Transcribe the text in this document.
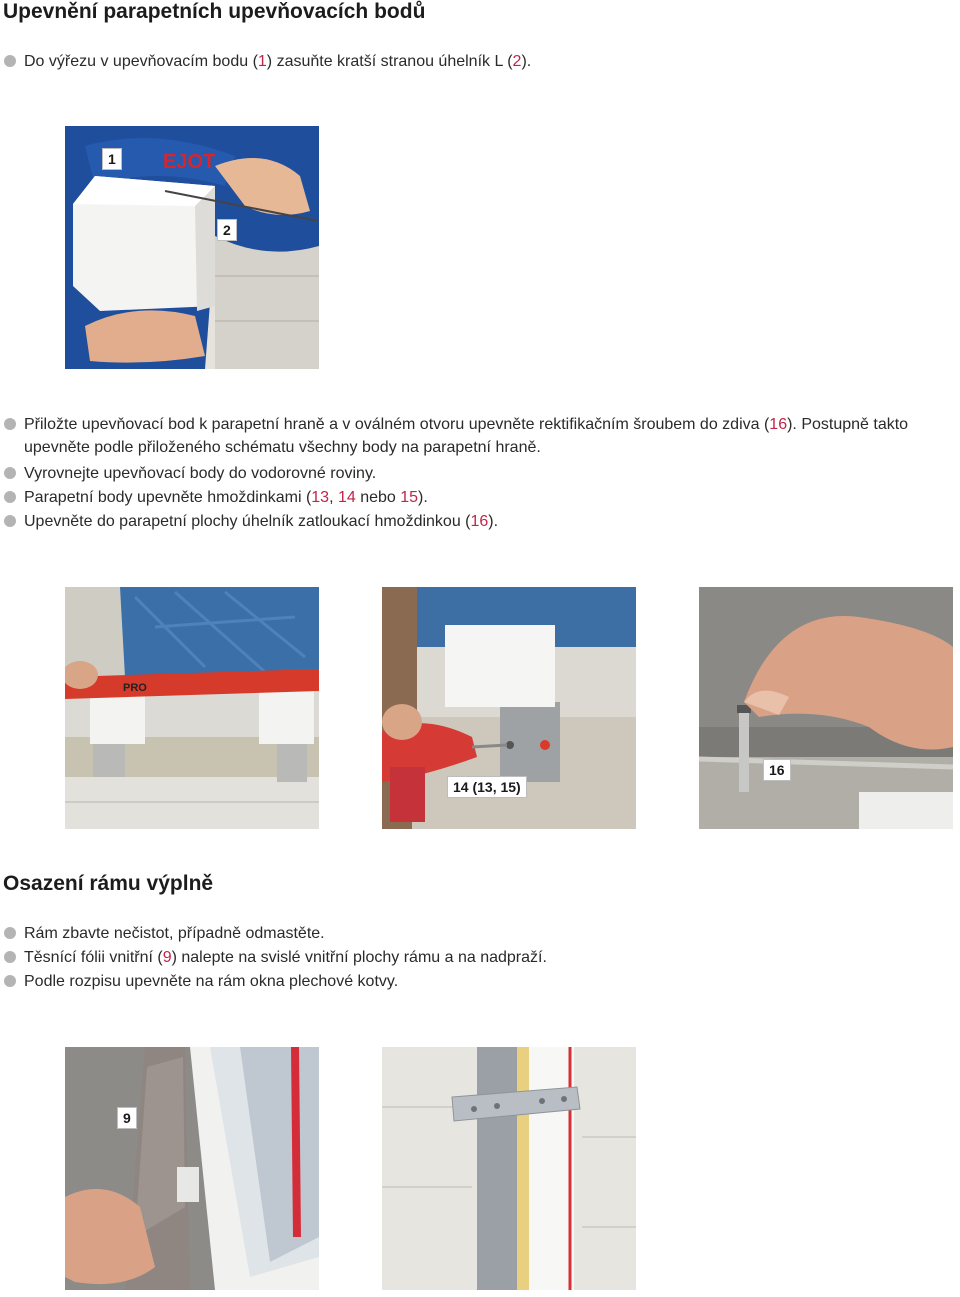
Upevnění parapetních upevňovacích bodů
Do výřezu v upevňovacím bodu (1) zasuňte kratší stranou úhelník L (2).
EJOT
1
2
Přiložte upevňovací bod k parapetní hraně a v oválném otvoru upevněte rektifikačním šroubem do zdiva (16). Postupně takto upevněte podle přiloženého schématu všechny body na parapetní hraně.
Vyrovnejte upevňovací body do vodorovné roviny.
Parapetní body upevněte hmoždinkami (13, 14 nebo 15).
Upevněte do parapetní plochy úhelník zatloukací hmoždinkou (16).
PRO
14 (13, 15)
16
Osazení rámu výplně
Rám zbavte nečistot, případně odmastěte.
Těsnící fólii vnitřní (9) nalepte na svislé vnitřní plochy rámu a na nadpraží.
Podle rozpisu upevněte na rám okna plechové kotvy.
9
